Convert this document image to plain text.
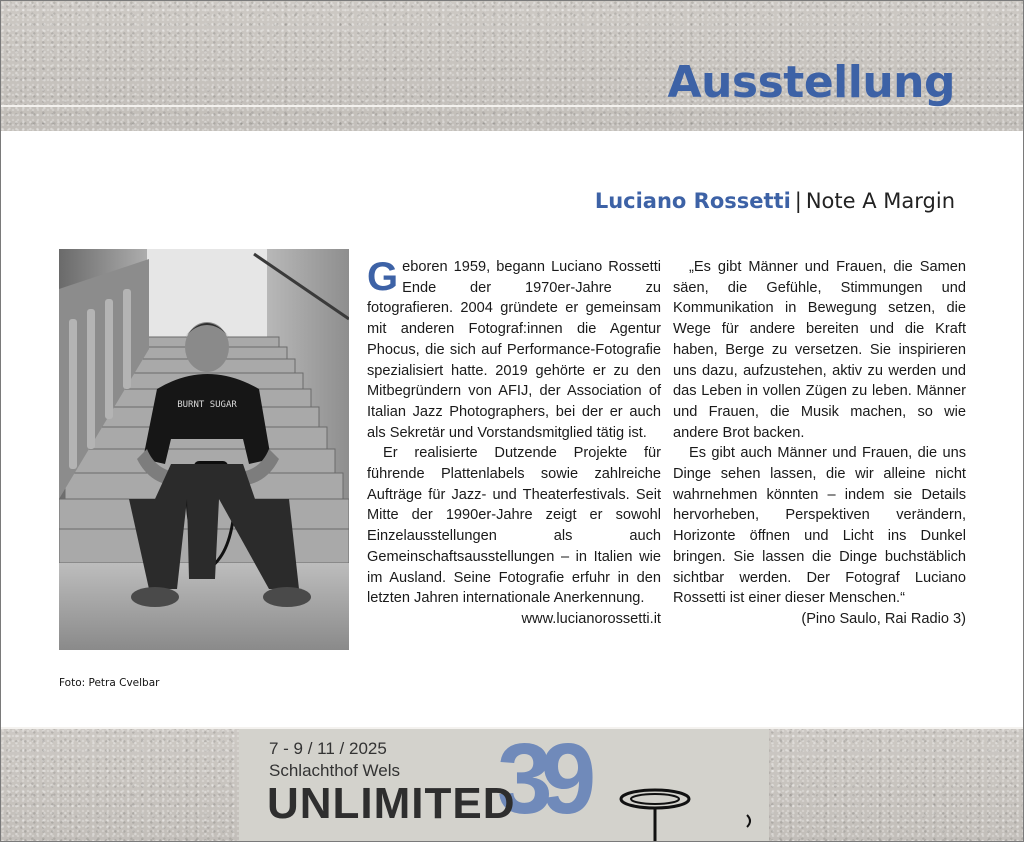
Ausstellung
Luciano Rossetti | Note A Margin
BURNT SUGAR
Foto: Petra Cvelbar

Geboren 1959, begann Luciano Rossetti Ende der 1970er-Jahre zu fotografieren. 2004 gründete er gemeinsam mit anderen Fotograf:innen die Agentur Phocus, die sich auf Performance-Fotografie spezialisiert hatte. 2019 gehörte er zu den Mitbegründern von AFIJ, der Association of Italian Jazz Photographers, bei der er auch als Sekretär und Vorstandsmitglied tätig ist.

Er realisierte Dutzende Projekte für führende Plattenlabels sowie zahlreiche Aufträge für Jazz- und Theaterfestivals. Seit Mitte der 1990er-Jahre zeigt er sowohl Einzelausstellungen als auch Gemeinschaftsausstellungen – in Italien wie im Ausland. Seine Fotografie erfuhr in den letzten Jahren internationale Anerkennung.

www.lucianorossetti.it

„Es gibt Männer und Frauen, die Samen säen, die Gefühle, Stimmungen und Kommunikation in Bewegung setzen, die Wege für andere bereiten und die Kraft haben, Berge zu versetzen. Sie inspirieren uns dazu, aufzustehen, aktiv zu werden und das Leben in vollen Zügen zu leben. Männer und Frauen, die Musik machen, so wie andere Brot backen.

Es gibt auch Männer und Frauen, die uns Dinge sehen lassen, die wir alleine nicht wahrnehmen könnten – indem sie Details hervorheben, Perspektiven verändern, Horizonte öffnen und Licht ins Dunkel bringen. Sie lassen die Dinge buchstäblich sichtbar werden. Der Fotograf Luciano Rossetti ist einer dieser Menschen.“

(Pino Saulo, Rai Radio 3)

39
7 - 9 / 11 / 2025
Schlachthof Wels
UNLIMITED
